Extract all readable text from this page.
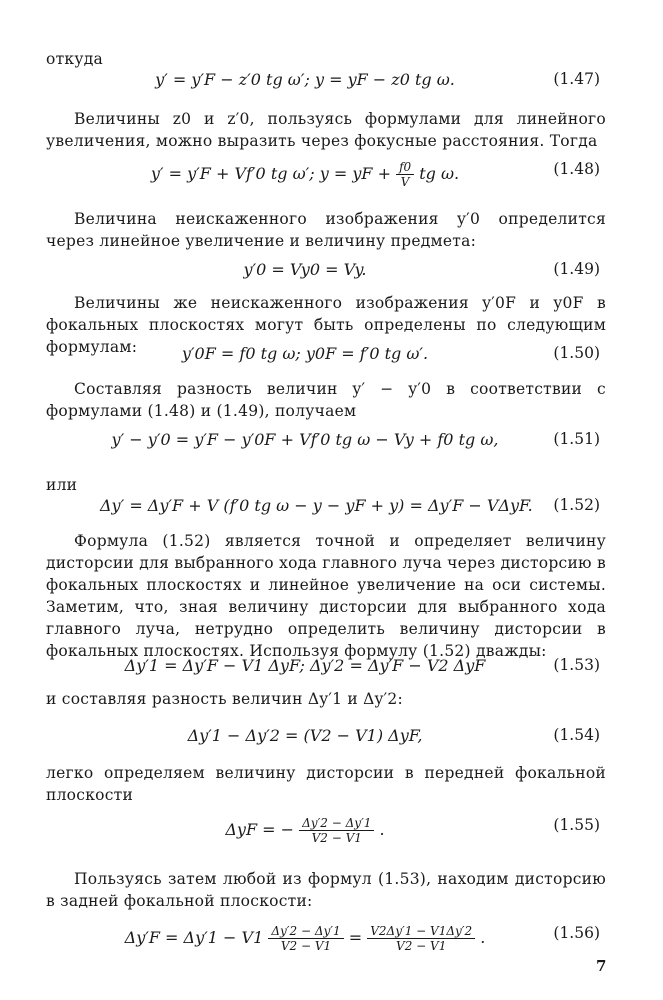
откуда
y′ = y′F − z′0 tg ω′; y = yF − z0 tg ω.	(1.47)
Величины z0 и z′0, пользуясь формулами для линейного увеличения, можно выразить через фокусные расстояния. Тогда
y′ = y′F + Vf′0 tg ω′; y = yF + $\frac{f0}{V}$ tg ω.	(1.48)
Величина неискаженного изображения y′0 определится через линейное увеличение и величину предмета:
y′0 = Vy0 = Vy.	(1.49)
Величины же неискаженного изображения y′0F и y0F в фокальных плоскостях могут быть определены по следующим формулам:	y′0F = f0 tg ω; y0F = f′0 tg ω′.	(1.50)
Составляя разность величин y′ − y′0 в соответствии с формулами (1.48) и (1.49), получаем
y′ − y′0 = y′F − y′0F + Vf′0 tg ω − Vy + f0 tg ω,	(1.51)
или
Δy′ = Δy′F + V (f′0 tg ω − y − yF + y) = Δy′F − VΔyF. (1.52)
Формула (1.52) является точной и определяет величину дисторсии для выбранного хода главного луча через дисторсию в фокальных плоскостях и линейное увеличение на оси системы. Заметим, что, зная величину дисторсии для выбранного хода главного луча, нетрудно определить величину дисторсии в фокальных плоскостях. Используя формулу (1.52) дважды:
Δy′1 = Δy′F − V1 ΔyF; Δy′2 = Δy′F − V2 ΔyF	(1.53)
и составляя разность величин Δy′1 и Δy′2:
Δy′1 − Δy′2 = (V2 − V1) ΔyF,	(1.54)
легко определяем величину дисторсии в передней фокальной плоскости
ΔyF = − $\frac{\Delta y'2 - \Delta y'1}{V2 - V1}$ .	(1.55)
Пользуясь затем любой из формул (1.53), находим дисторсию в задней фокальной плоскости:
$\Delta y'F = \Delta y'1 - V1 \frac{\Delta y'2 - \Delta y'1}{V2 - V1} = \frac{V2\Delta y'1 - V1\Delta y'2}{V2 - V1}$ .	(1.56)
7
